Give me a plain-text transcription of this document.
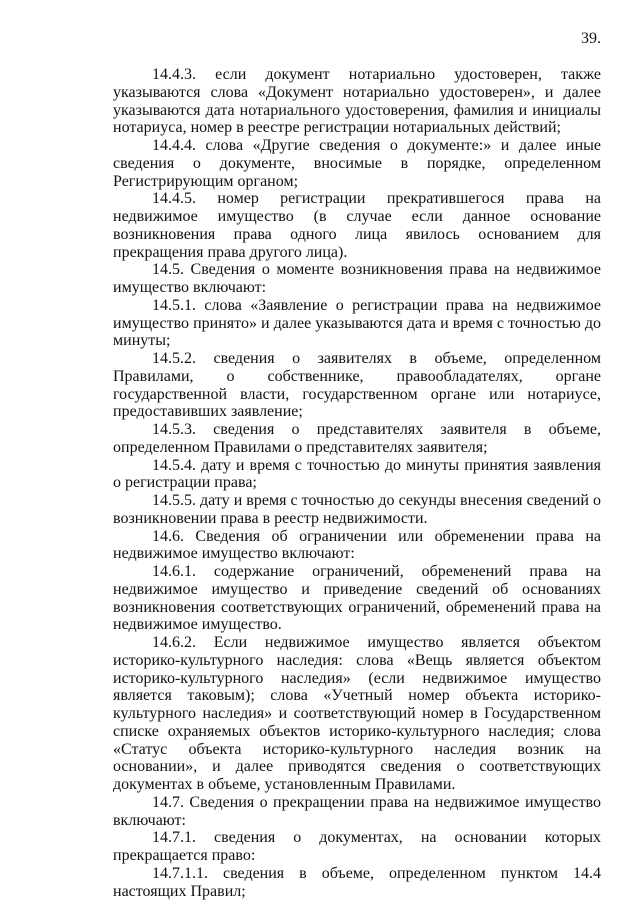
39.

14.4.3. если документ нотариально удостоверен, также указываются слова «Документ нотариально удостоверен», и далее указываются дата нотариального удостоверения, фамилия и инициалы нотариуса, номер в реестре регистрации нотариальных действий;

14.4.4. слова «Другие сведения о документе:» и далее иные сведения о документе, вносимые в порядке, определенном Регистрирующим органом;

14.4.5. номер регистрации прекратившегося права на недвижимое имущество (в случае если данное основание возникновения права одного лица явилось основанием для прекращения права другого лица).

14.5. Сведения о моменте возникновения права на недвижимое имущество включают:

14.5.1. слова «Заявление о регистрации права на недвижимое имущество принято» и далее указываются дата и время с точностью до минуты;

14.5.2. сведения о заявителях в объеме, определенном Правилами, о собственнике, правообладателях, органе государственной власти, государственном органе или нотариусе, предоставивших заявление;

14.5.3. сведения о представителях заявителя в объеме, определенном Правилами о представителях заявителя;

14.5.4. дату и время с точностью до минуты принятия заявления о регистрации права;

14.5.5. дату и время с точностью до секунды внесения сведений о возникновении права в реестр недвижимости.

14.6. Сведения об ограничении или обременении права на недвижимое имущество включают:

14.6.1. содержание ограничений, обременений права на недвижимое имущество и приведение сведений об основаниях возникновения соответствующих ограничений, обременений права на недвижимое имущество.

14.6.2. Если недвижимое имущество является объектом историко-культурного наследия: слова «Вещь является объектом историко-культурного наследия» (если недвижимое имущество является таковым); слова «Учетный номер объекта историко-культурного наследия» и соответствующий номер в Государственном списке охраняемых объектов историко-культурного наследия; слова «Статус объекта историко-культурного наследия возник на основании», и далее приводятся сведения о соответствующих документах в объеме, установленным Правилами.

14.7. Сведения о прекращении права на недвижимое имущество включают:

14.7.1. сведения о документах, на основании которых прекращается право:

14.7.1.1. сведения в объеме, определенном пунктом 14.4 настоящих Правил;
